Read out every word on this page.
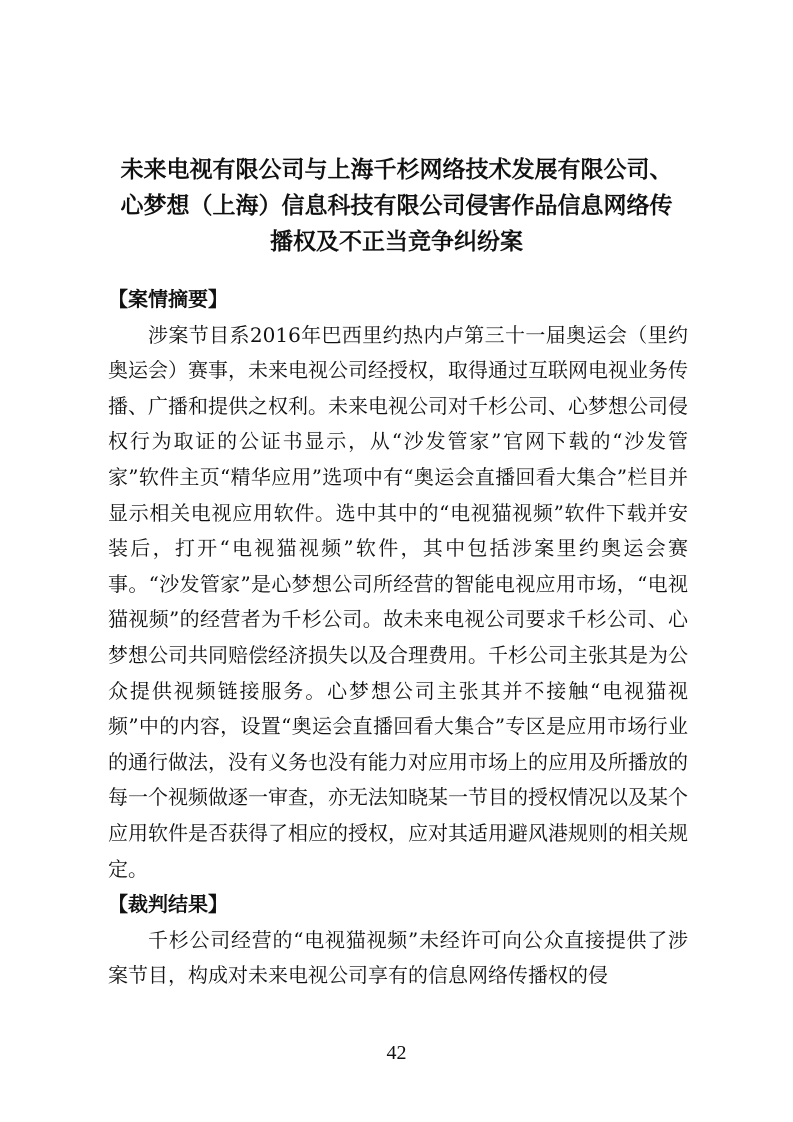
未来电视有限公司与上海千杉网络技术发展有限公司、
心梦想（上海）信息科技有限公司侵害作品信息网络传
播权及不正当竞争纠纷案

【案情摘要】

涉案节目系2016年巴西里约热内卢第三十一届奥运会（里约奥运会）赛事，未来电视公司经授权，取得通过互联网电视业务传播、广播和提供之权利。未来电视公司对千杉公司、心梦想公司侵权行为取证的公证书显示，从“沙发管家”官网下载的“沙发管家”软件主页“精华应用”选项中有“奥运会直播回看大集合”栏目并显示相关电视应用软件。选中其中的“电视猫视频”软件下载并安装后，打开“电视猫视频”软件，其中包括涉案里约奥运会赛事。“沙发管家”是心梦想公司所经营的智能电视应用市场，“电视猫视频”的经营者为千杉公司。故未来电视公司要求千杉公司、心梦想公司共同赔偿经济损失以及合理费用。千杉公司主张其是为公众提供视频链接服务。心梦想公司主张其并不接触“电视猫视频”中的内容，设置“奥运会直播回看大集合”专区是应用市场行业的通行做法，没有义务也没有能力对应用市场上的应用及所播放的每一个视频做逐一审查，亦无法知晓某一节目的授权情况以及某个应用软件是否获得了相应的授权，应对其适用避风港规则的相关规定。

【裁判结果】

千杉公司经营的“电视猫视频”未经许可向公众直接提供了涉案节目，构成对未来电视公司享有的信息网络传播权的侵

42
